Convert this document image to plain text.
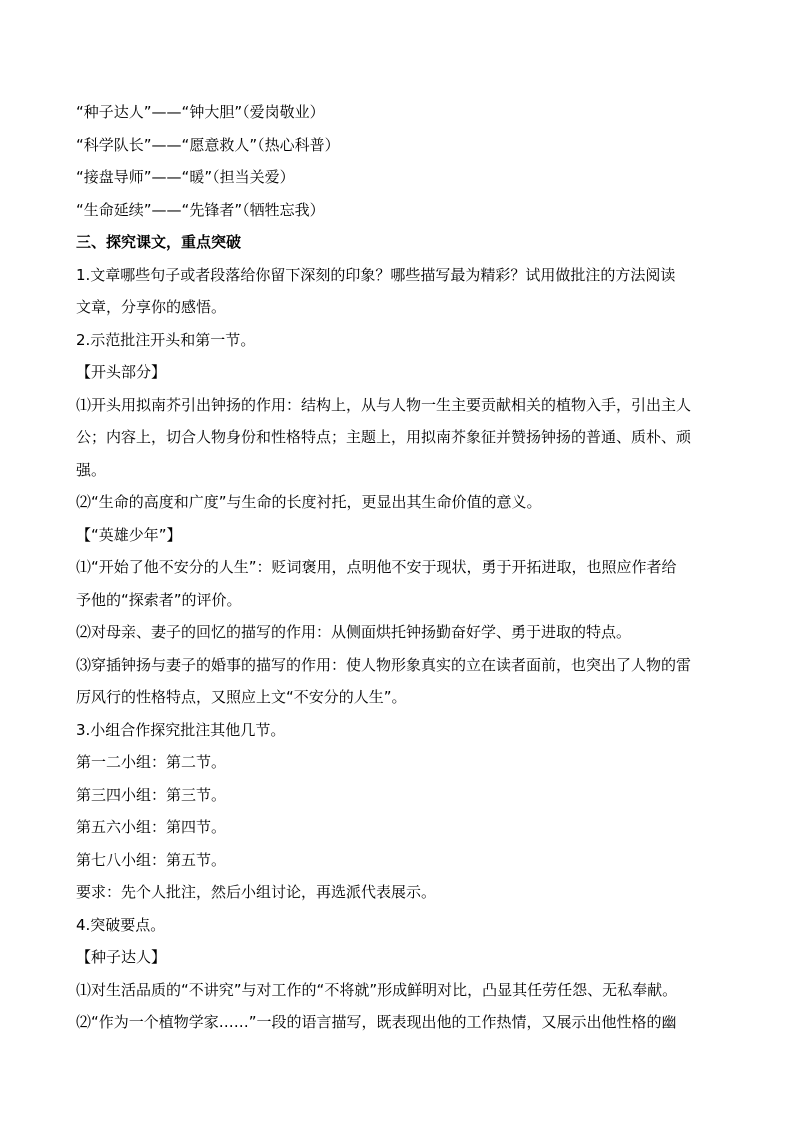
“种子达人”——“钟大胆”（爱岗敬业）
“科学队长”——“愿意救人”（热心科普）
“接盘导师”——“暖”（担当关爱）
“生命延续”——“先锋者”（牺牲忘我）
三、探究课文，重点突破
1.文章哪些句子或者段落给你留下深刻的印象？哪些描写最为精彩？试用做批注的方法阅读
文章，分享你的感悟。
2.示范批注开头和第一节。
【开头部分】
⑴开头用拟南芥引出钟扬的作用：结构上，从与人物一生主要贡献相关的植物入手，引出主人
公；内容上，切合人物身份和性格特点；主题上，用拟南芥象征并赞扬钟扬的普通、质朴、顽
强。
⑵“生命的高度和广度”与生命的长度衬托，更显出其生命价值的意义。
【“英雄少年”】
⑴“开始了他不安分的人生”：贬词褒用，点明他不安于现状，勇于开拓进取，也照应作者给
予他的“探索者”的评价。
⑵对母亲、妻子的回忆的描写的作用：从侧面烘托钟扬勤奋好学、勇于进取的特点。
⑶穿插钟扬与妻子的婚事的描写的作用：使人物形象真实的立在读者面前，也突出了人物的雷
厉风行的性格特点，又照应上文“不安分的人生”。
3.小组合作探究批注其他几节。
第一二小组：第二节。
第三四小组：第三节。
第五六小组：第四节。
第七八小组：第五节。
要求：先个人批注，然后小组讨论，再选派代表展示。
4.突破要点。
【种子达人】
⑴对生活品质的“不讲究”与对工作的“不将就”形成鲜明对比，凸显其任劳任怨、无私奉献。
⑵“作为一个植物学家……”一段的语言描写，既表现出他的工作热情，又展示出他性格的幽
